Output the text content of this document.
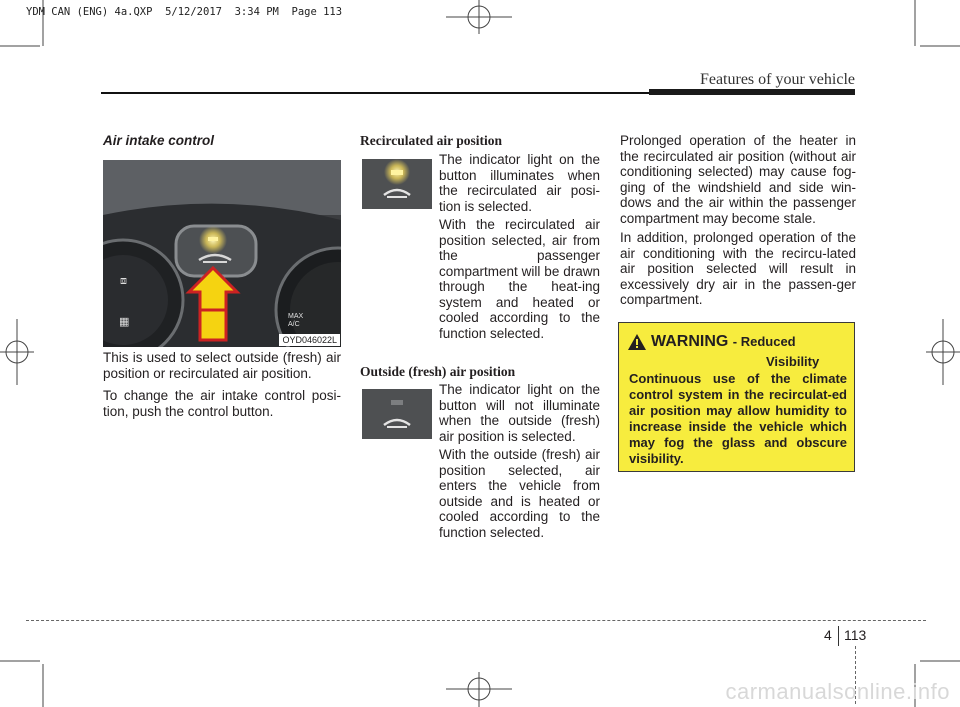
YDM CAN (ENG) 4a.QXP  5/12/2017  3:34 PM  Page 113
Features of your vehicle
Air intake control
⧈
▦	MAX
A/C
OYD046022L
This is used to select outside (fresh) air position or recirculated air position.
To change the air intake control posi-tion, push the control button.
Recirculated air position
The indicator light on the button illuminates when the recirculated air posi-tion is selected.
With the recirculated air position selected, air from the passenger compartment will be drawn through the heat-ing system and heated or cooled according to the function selected.
Outside (fresh) air position
The indicator light on the button will not illuminate when the outside (fresh) air position is selected.
With the outside (fresh) air position selected, air enters the vehicle from outside and is heated or cooled according to the function selected.
Prolonged operation of the heater in the recirculated air position (without air conditioning selected) may cause fog-ging of the windshield and side win-dows and the air within the passenger compartment may become stale.
In addition, prolonged operation of the air conditioning with the recircu-lated air position selected will result in excessively dry air in the passen-ger compartment.
WARNING - Reduced
Visibility
Continuous use of the climate control system in the recirculat-ed air position may allow humidity to increase inside the vehicle which may fog the glass and obscure visibility.
4 113
carmanualsonline.info
